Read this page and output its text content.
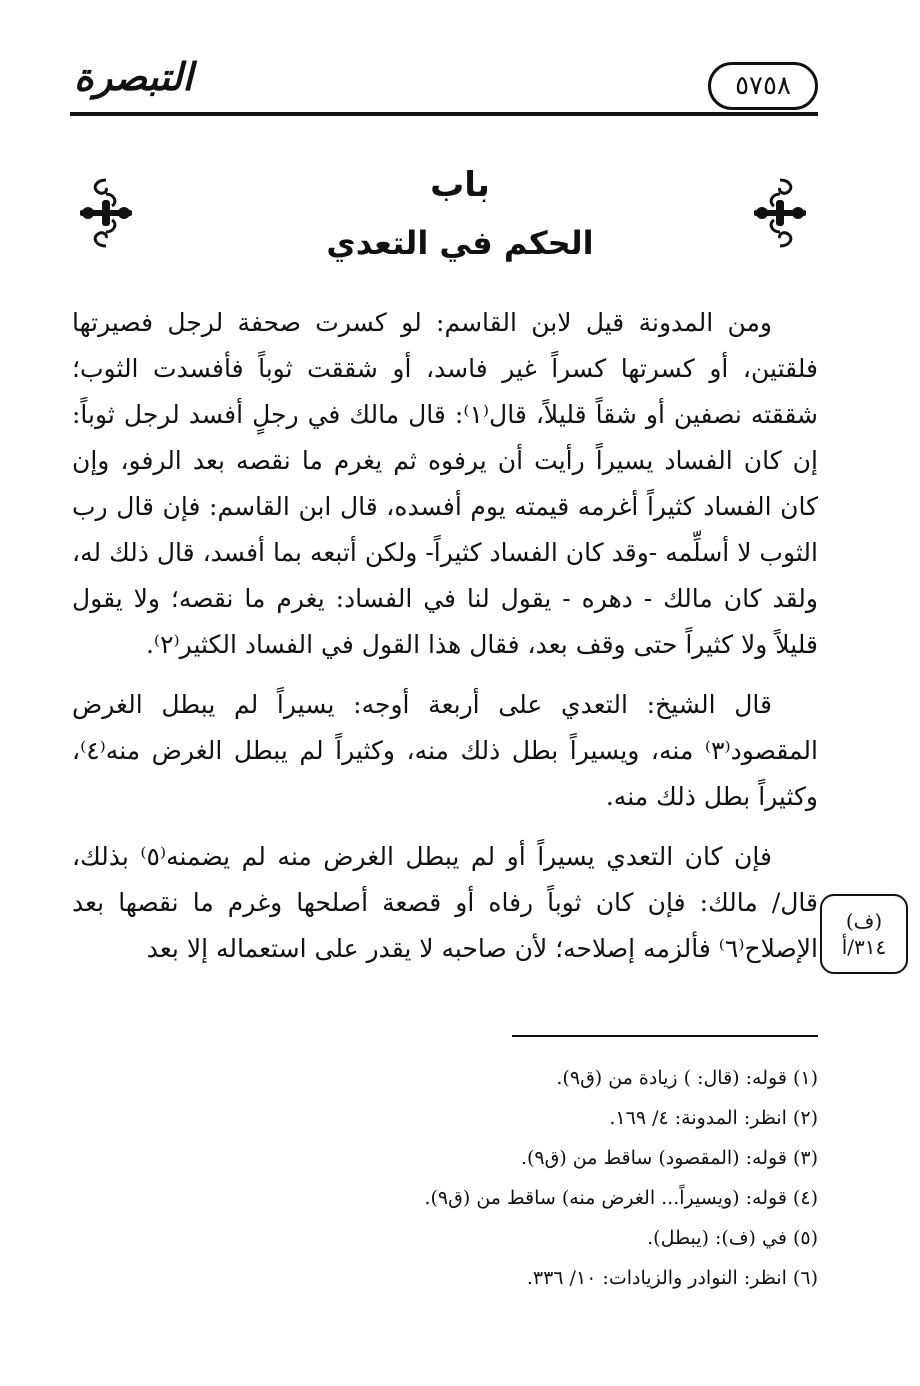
التبصرة	٥٧٥٨
باب
الحكم في التعدي

ومن المدونة قيل لابن القاسم: لو كسرت صحفة لرجل فصيرتها فلقتين، أو كسرتها كسراً غير فاسد، أو شققت ثوباً فأفسدت الثوب؛ شققته نصفين أو شقاً قليلاً، قال⁽١⁾: قال مالك في رجلٍ أفسد لرجل ثوباً: إن كان الفساد يسيراً رأيت أن يرفوه ثم يغرم ما نقصه بعد الرفو، وإن كان الفساد كثيراً أغرمه قيمته يوم أفسده، قال ابن القاسم: فإن قال رب الثوب لا أسلِّمه -وقد كان الفساد كثيراً- ولكن أتبعه بما أفسد، قال ذلك له، ولقد كان مالك - دهره - يقول لنا في الفساد: يغرم ما نقصه؛ ولا يقول قليلاً ولا كثيراً حتى وقف بعد، فقال هذا القول في الفساد الكثير⁽٢⁾.

قال الشيخ: التعدي على أربعة أوجه: يسيراً لم يبطل الغرض المقصود⁽٣⁾ منه، ويسيراً بطل ذلك منه، وكثيراً لم يبطل الغرض منه⁽٤⁾، وكثيراً بطل ذلك منه.

فإن كان التعدي يسيراً أو لم يبطل الغرض منه لم يضمنه⁽٥⁾ بذلك، قال/ مالك: فإن كان ثوباً رفاه أو قصعة أصلحها وغرم ما نقصها بعد الإصلاح⁽٦⁾ فألزمه إصلاحه؛ لأن صاحبه لا يقدر على استعماله إلا بعد

(ف)
٣١٤/أ
(١) قوله: (قال: ) زيادة من (ق٩).
(٢) انظر: المدونة: ٤/ ١٦٩.
(٣) قوله: (المقصود) ساقط من (ق٩).
(٤) قوله: (ويسيراً... الغرض منه) ساقط من (ق٩).
(٥) في (ف): (يبطل).
(٦) انظر: النوادر والزيادات: ١٠/ ٣٣٦.
